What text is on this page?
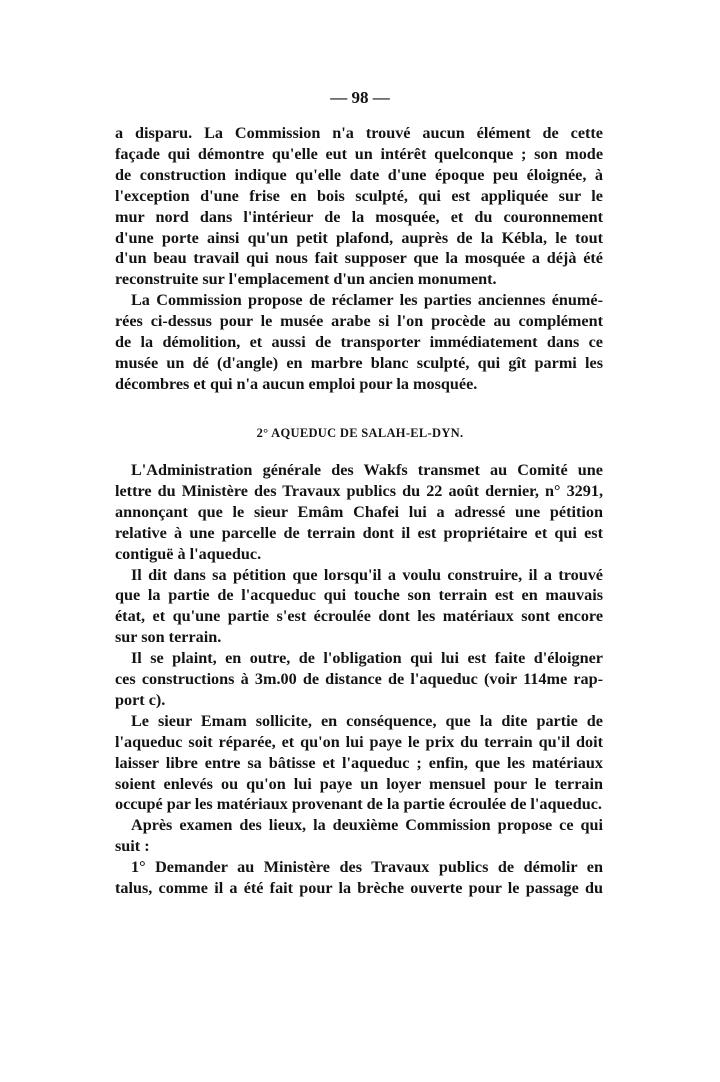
— 98 —
2° AQUEDUC DE SALAH-EL-DYN.
a disparu. La Commission n'a trouvé aucun élément de cette
façade qui démontre qu'elle eut un intérêt quelconque ; son mode
de construction indique qu'elle date d'une époque peu éloignée, à
l'exception d'une frise en bois sculpté, qui est appliquée sur le
mur nord dans l'intérieur de la mosquée, et du couronnement
d'une porte ainsi qu'un petit plafond, auprès de la Kébla, le tout
d'un beau travail qui nous fait supposer que la mosquée a déjà été
reconstruite sur l'emplacement d'un ancien monument.
La Commission propose de réclamer les parties anciennes énumé-
rées ci-dessus pour le musée arabe si l'on procède au complément
de la démolition, et aussi de transporter immédiatement dans ce
musée un dé (d'angle) en marbre blanc sculpté, qui gît parmi les
décombres et qui n'a aucun emploi pour la mosquée.
L'Administration générale des Wakfs transmet au Comité une
lettre du Ministère des Travaux publics du 22 août dernier, n° 3291,
annonçant que le sieur Emâm Chafei lui a adressé une pétition
relative à une parcelle de terrain dont il est propriétaire et qui est
contiguë à l'aqueduc.
Il dit dans sa pétition que lorsqu'il a voulu construire, il a trouvé
que la partie de l'acqueduc qui touche son terrain est en mauvais
état, et qu'une partie s'est écroulée dont les matériaux sont encore
sur son terrain.
Il se plaint, en outre, de l'obligation qui lui est faite d'éloigner
ces constructions à 3m.00 de distance de l'aqueduc (voir 114me rap-
port c).
Le sieur Emam sollicite, en conséquence, que la dite partie de
l'aqueduc soit réparée, et qu'on lui paye le prix du terrain qu'il doit
laisser libre entre sa bâtisse et l'aqueduc ; enfin, que les matériaux
soient enlevés ou qu'on lui paye un loyer mensuel pour le terrain
occupé par les matériaux provenant de la partie écroulée de l'aqueduc.
Après examen des lieux, la deuxième Commission propose ce qui
suit :
1° Demander au Ministère des Travaux publics de démolir en
talus, comme il a été fait pour la brèche ouverte pour le passage du
